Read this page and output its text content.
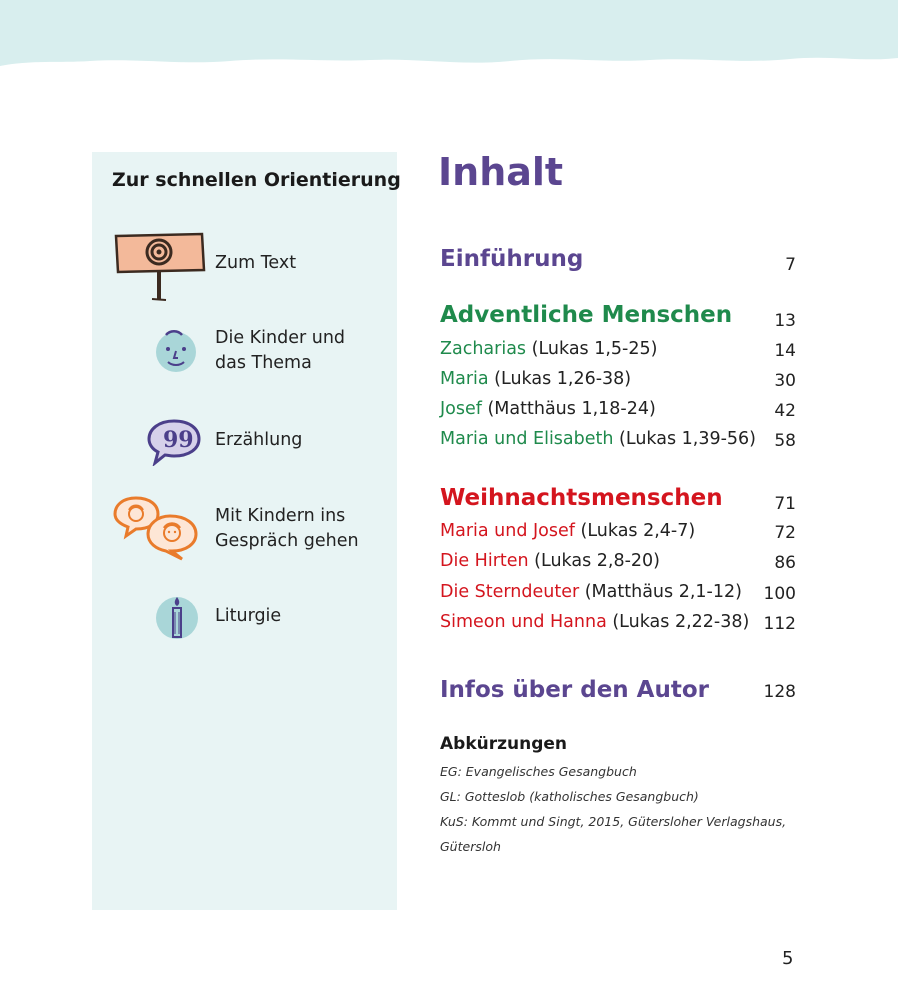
Zur schnellen Orientierung
Zum Text
Die Kinder und das Thema
99 Erzählung
Mit Kindern ins Gespräch gehen
Liturgie
Inhalt
Einführung	7
Adventliche Menschen 13
Zacharias (Lukas 1,5-25)	14
Maria (Lukas 1,26-38)	30
Josef (Matthäus 1,18-24)	42
Maria und Elisabeth (Lukas 1,39-56) 58
Weihnachtsmenschen	71
Maria und Josef (Lukas 2,4-7)	72
Die Hirten (Lukas 2,8-20)	86
Die Sterndeuter (Matthäus 2,1-12) 100
Simeon und Hanna (Lukas 2,22-38) 112
Infos über den Autor	128
Abkürzungen
EG: Evangelisches Gesangbuch
GL: Gotteslob (katholisches Gesangbuch)
KuS: Kommt und Singt, 2015, Gütersloher Verlagshaus,
Gütersloh
5
